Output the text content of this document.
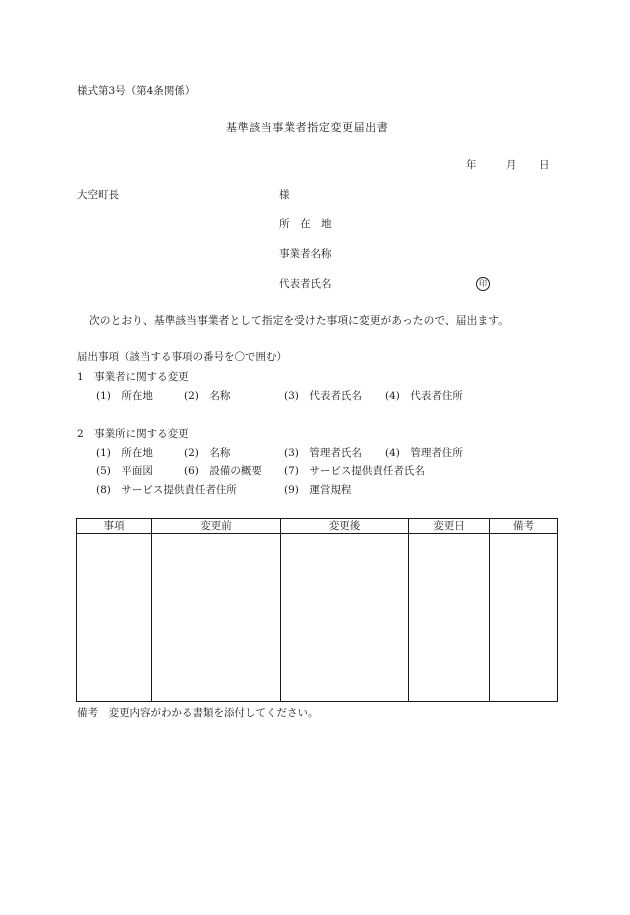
様式第3号（第4条関係）
基準該当事業者指定変更届出書
年	月 日
大空町長	様
所　在　地
事業者名称
代表者氏名	印
次のとおり、基準該当事業者として指定を受けた事項に変更があったので、届出ます。
届出事項（該当する事項の番号を〇で囲む）
1　事業者に関する変更
(1)　所在地	(2)　名称	(3)　代表者氏名 (4)　代表者住所
2　事業所に関する変更
(1)　所在地	(2)　名称	(3)　管理者氏名 (4)　管理者住所
(5)　平面図	(6)　設備の概要 (7)　サービス提供責任者氏名
(8)　サービス提供責任者住所	(9)　運営規程
事項	変更前	変更後	変更日	備考

備考　変更内容がわかる書類を添付してください。
